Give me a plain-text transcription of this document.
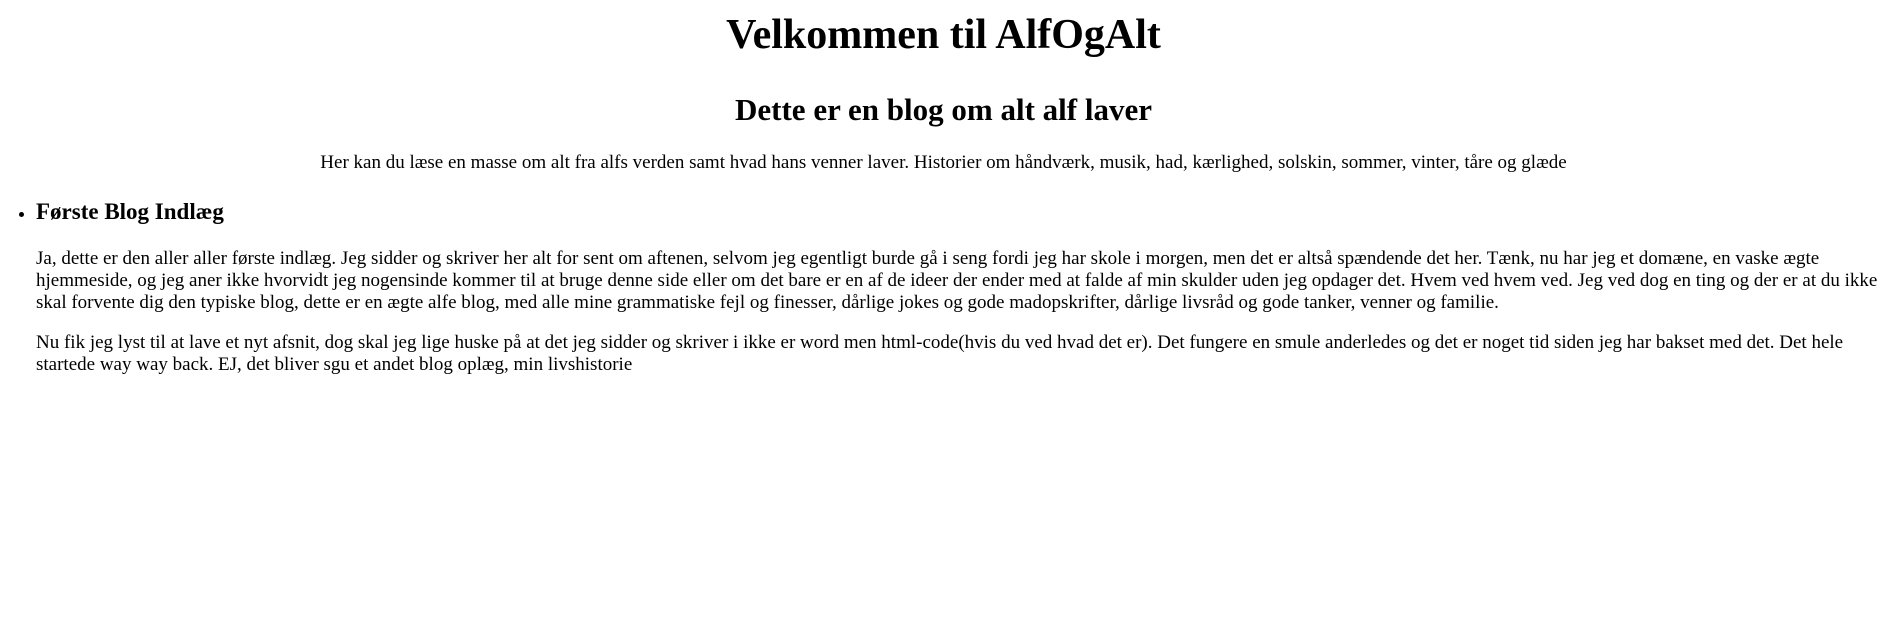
Velkommen til AlfOgAlt
Dette er en blog om alt alf laver

Her kan du læse en masse om alt fra alfs verden samt hvad hans venner laver. Historier om håndværk, musik, had, kærlighed, solskin, sommer, vinter, tåre og glæde

• Første Blog Indlæg

Ja, dette er den aller aller første indlæg. Jeg sidder og skriver her alt for sent om aftenen, selvom jeg egentligt burde gå i seng fordi jeg har skole i morgen, men det er altså spændende det her. Tænk, nu har jeg et domæne, en vaske ægte hjemmeside, og jeg aner ikke hvorvidt jeg nogensinde kommer til at bruge denne side eller om det bare er en af de ideer der ender med at falde af min skulder uden jeg opdager det. Hvem ved hvem ved. Jeg ved dog en ting og der er at du ikke skal forvente dig den typiske blog, dette er en ægte alfe blog, med alle mine grammatiske fejl og finesser, dårlige jokes og gode madopskrifter, dårlige livsråd og gode tanker, venner og familie.

Nu fik jeg lyst til at lave et nyt afsnit, dog skal jeg lige huske på at det jeg sidder og skriver i ikke er word men html-code(hvis du ved hvad det er). Det fungere en smule anderledes og det er noget tid siden jeg har bakset med det. Det hele startede way way back. EJ, det bliver sgu et andet blog oplæg, min livshistorie
